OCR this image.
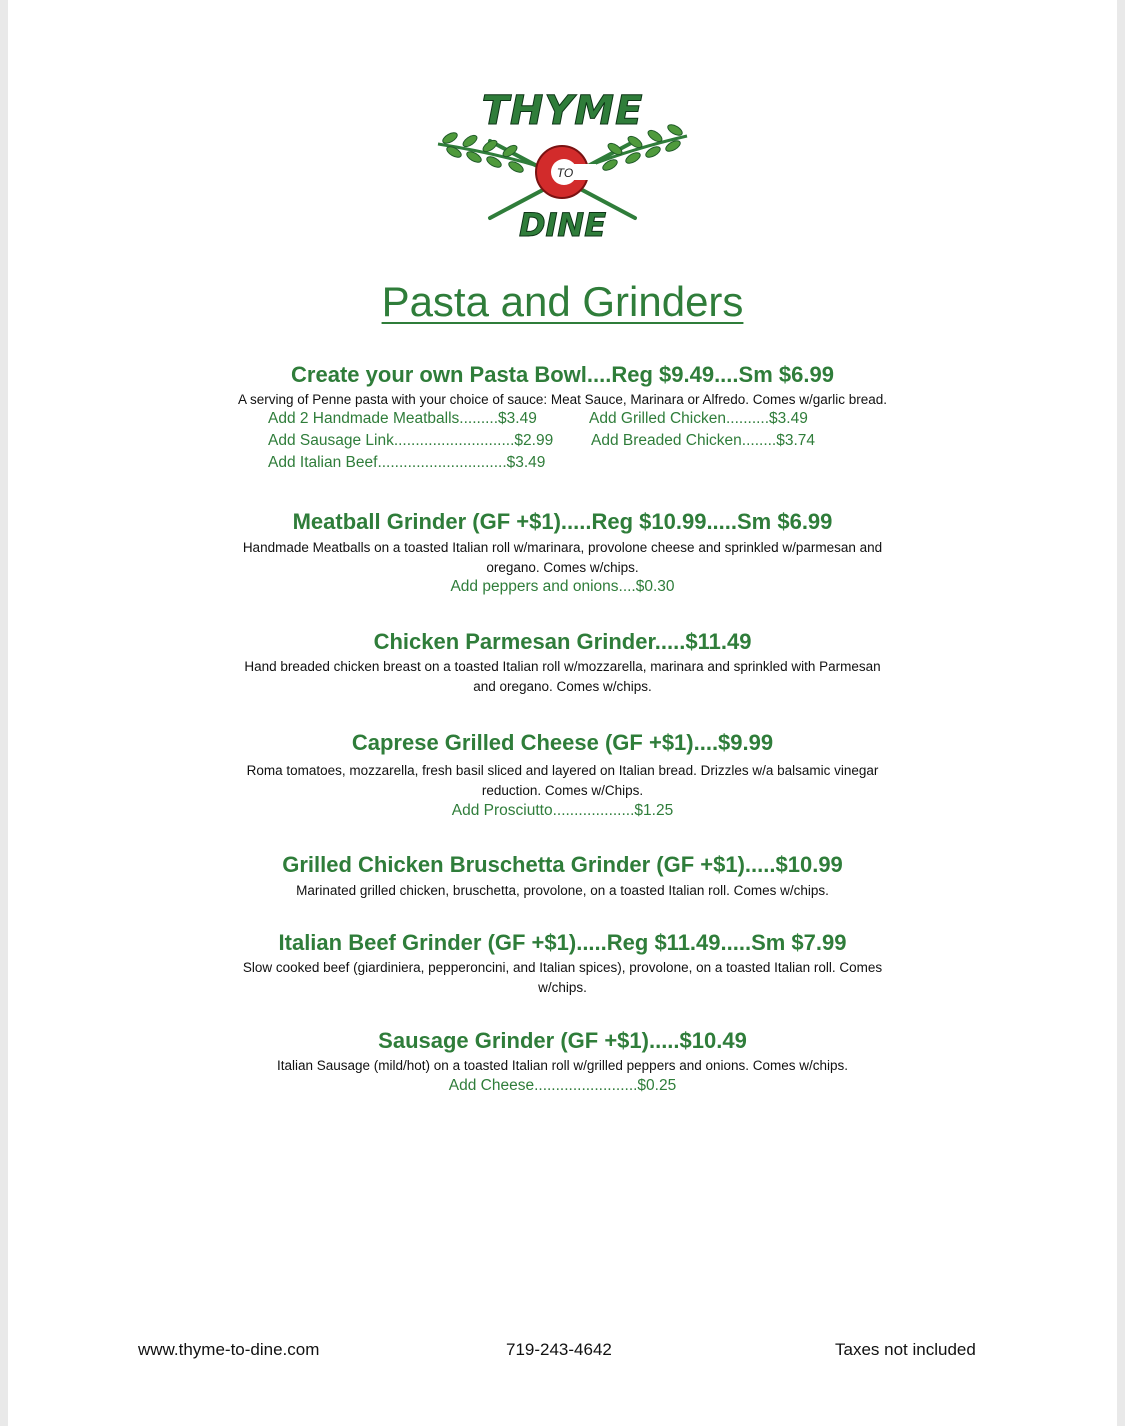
THYME
TO
DINE
Pasta and Grinders
Create your own Pasta Bowl....Reg $9.49....Sm $6.99
A serving of Penne pasta with your choice of sauce: Meat Sauce, Marinara or Alfredo. Comes w/garlic bread.
Add 2 Handmade Meatballs.........$3.49
Add Sausage Link............................$2.99
Add Italian Beef..............................$3.49
Add Grilled Chicken..........$3.49
Add Breaded Chicken........$3.74
Meatball Grinder (GF +$1).....Reg $10.99.....Sm $6.99
Handmade Meatballs on a toasted Italian roll w/marinara, provolone cheese and sprinkled w/parmesan and
oregano. Comes w/chips.
Add peppers and onions....$0.30
Chicken Parmesan Grinder.....$11.49
Hand breaded chicken breast on a toasted Italian roll w/mozzarella, marinara and sprinkled with Parmesan
and oregano. Comes w/chips.
Caprese Grilled Cheese (GF +$1)....$9.99
Roma tomatoes, mozzarella, fresh basil sliced and layered on Italian bread. Drizzles w/a balsamic vinegar
reduction. Comes w/Chips.
Add Prosciutto...................$1.25
Grilled Chicken Bruschetta Grinder (GF +$1).....$10.99
Marinated grilled chicken, bruschetta, provolone, on a toasted Italian roll. Comes w/chips.
Italian Beef Grinder (GF +$1).....Reg $11.49.....Sm $7.99
Slow cooked beef (giardiniera, pepperoncini, and Italian spices), provolone, on a toasted Italian roll. Comes
w/chips.
Sausage Grinder (GF +$1).....$10.49
Italian Sausage (mild/hot) on a toasted Italian roll w/grilled peppers and onions. Comes w/chips.
Add Cheese........................$0.25
www.thyme-to-dine.com	719-243-4642	Taxes not included
